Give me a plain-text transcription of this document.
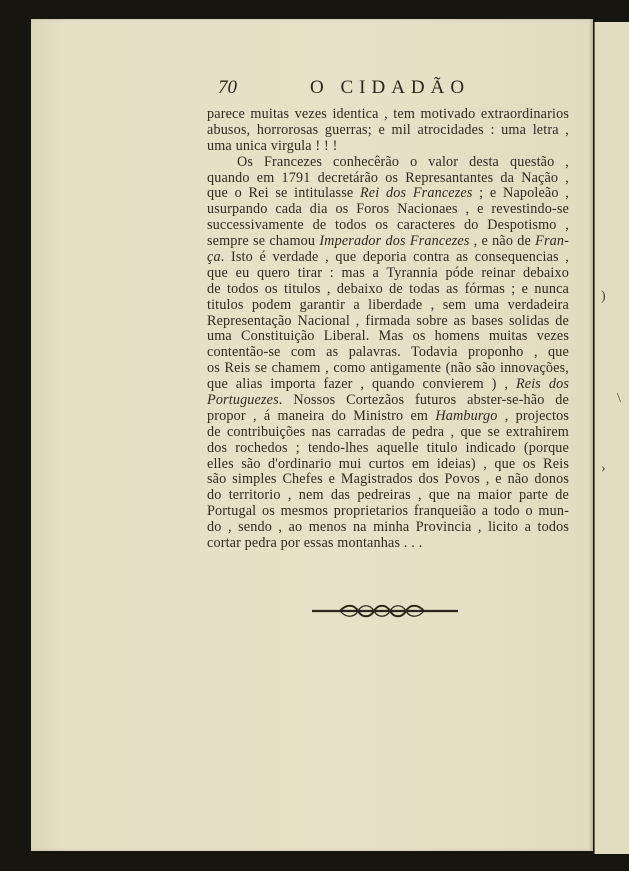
)
\
›
70	O CIDADÃO
parece muitas vezes identica , tem motivado extraordinarios
abusos, horrorosas guerras; e mil atrocidades : uma letra ,
uma unica virgula ! ! !
Os Francezes conhecêrão o valor desta questão ,
quando em 1791 decretárão os Represantantes da Nação ,
que o Rei se intitulasse Rei dos Francezes ; e Napoleão ,
usurpando cada dia os Foros Nacionaes , e revestindo-se
successivamente de todos os caracteres do Despotismo ,
sempre se chamou Imperador dos Francezes , e não de Fran-
ça. Isto é verdade , que deporia contra as consequencias ,
que eu quero tirar : mas a Tyrannia póde reinar debaixo
de todos os titulos , debaixo de todas as fórmas ; e nunca
titulos podem garantir a liberdade , sem uma verdadeira
Representação Nacional , firmada sobre as bases solidas de
uma Constituição Liberal. Mas os homens muitas vezes
contentão-se com as palavras. Todavia proponho , que
os Reis se chamem , como antigamente (não são innovações,
que alias importa fazer , quando convierem ) , Reis dos
Portuguezes. Nossos Cortezãos futuros abster-se-hão de
propor , á maneira do Ministro em Hamburgo , projectos
de contribuições nas carradas de pedra , que se extrahirem
dos rochedos ; tendo-lhes aquelle titulo indicado (porque
elles são d'ordinario mui curtos em ideias) , que os Reis
são simples Chefes e Magistrados dos Povos , e não donos
do territorio , nem das pedreiras , que na maior parte de
Portugal os mesmos proprietarios franqueião a todo o mun-
do , sendo , ao menos na minha Provincia , licito a todos
cortar pedra por essas montanhas . . .
